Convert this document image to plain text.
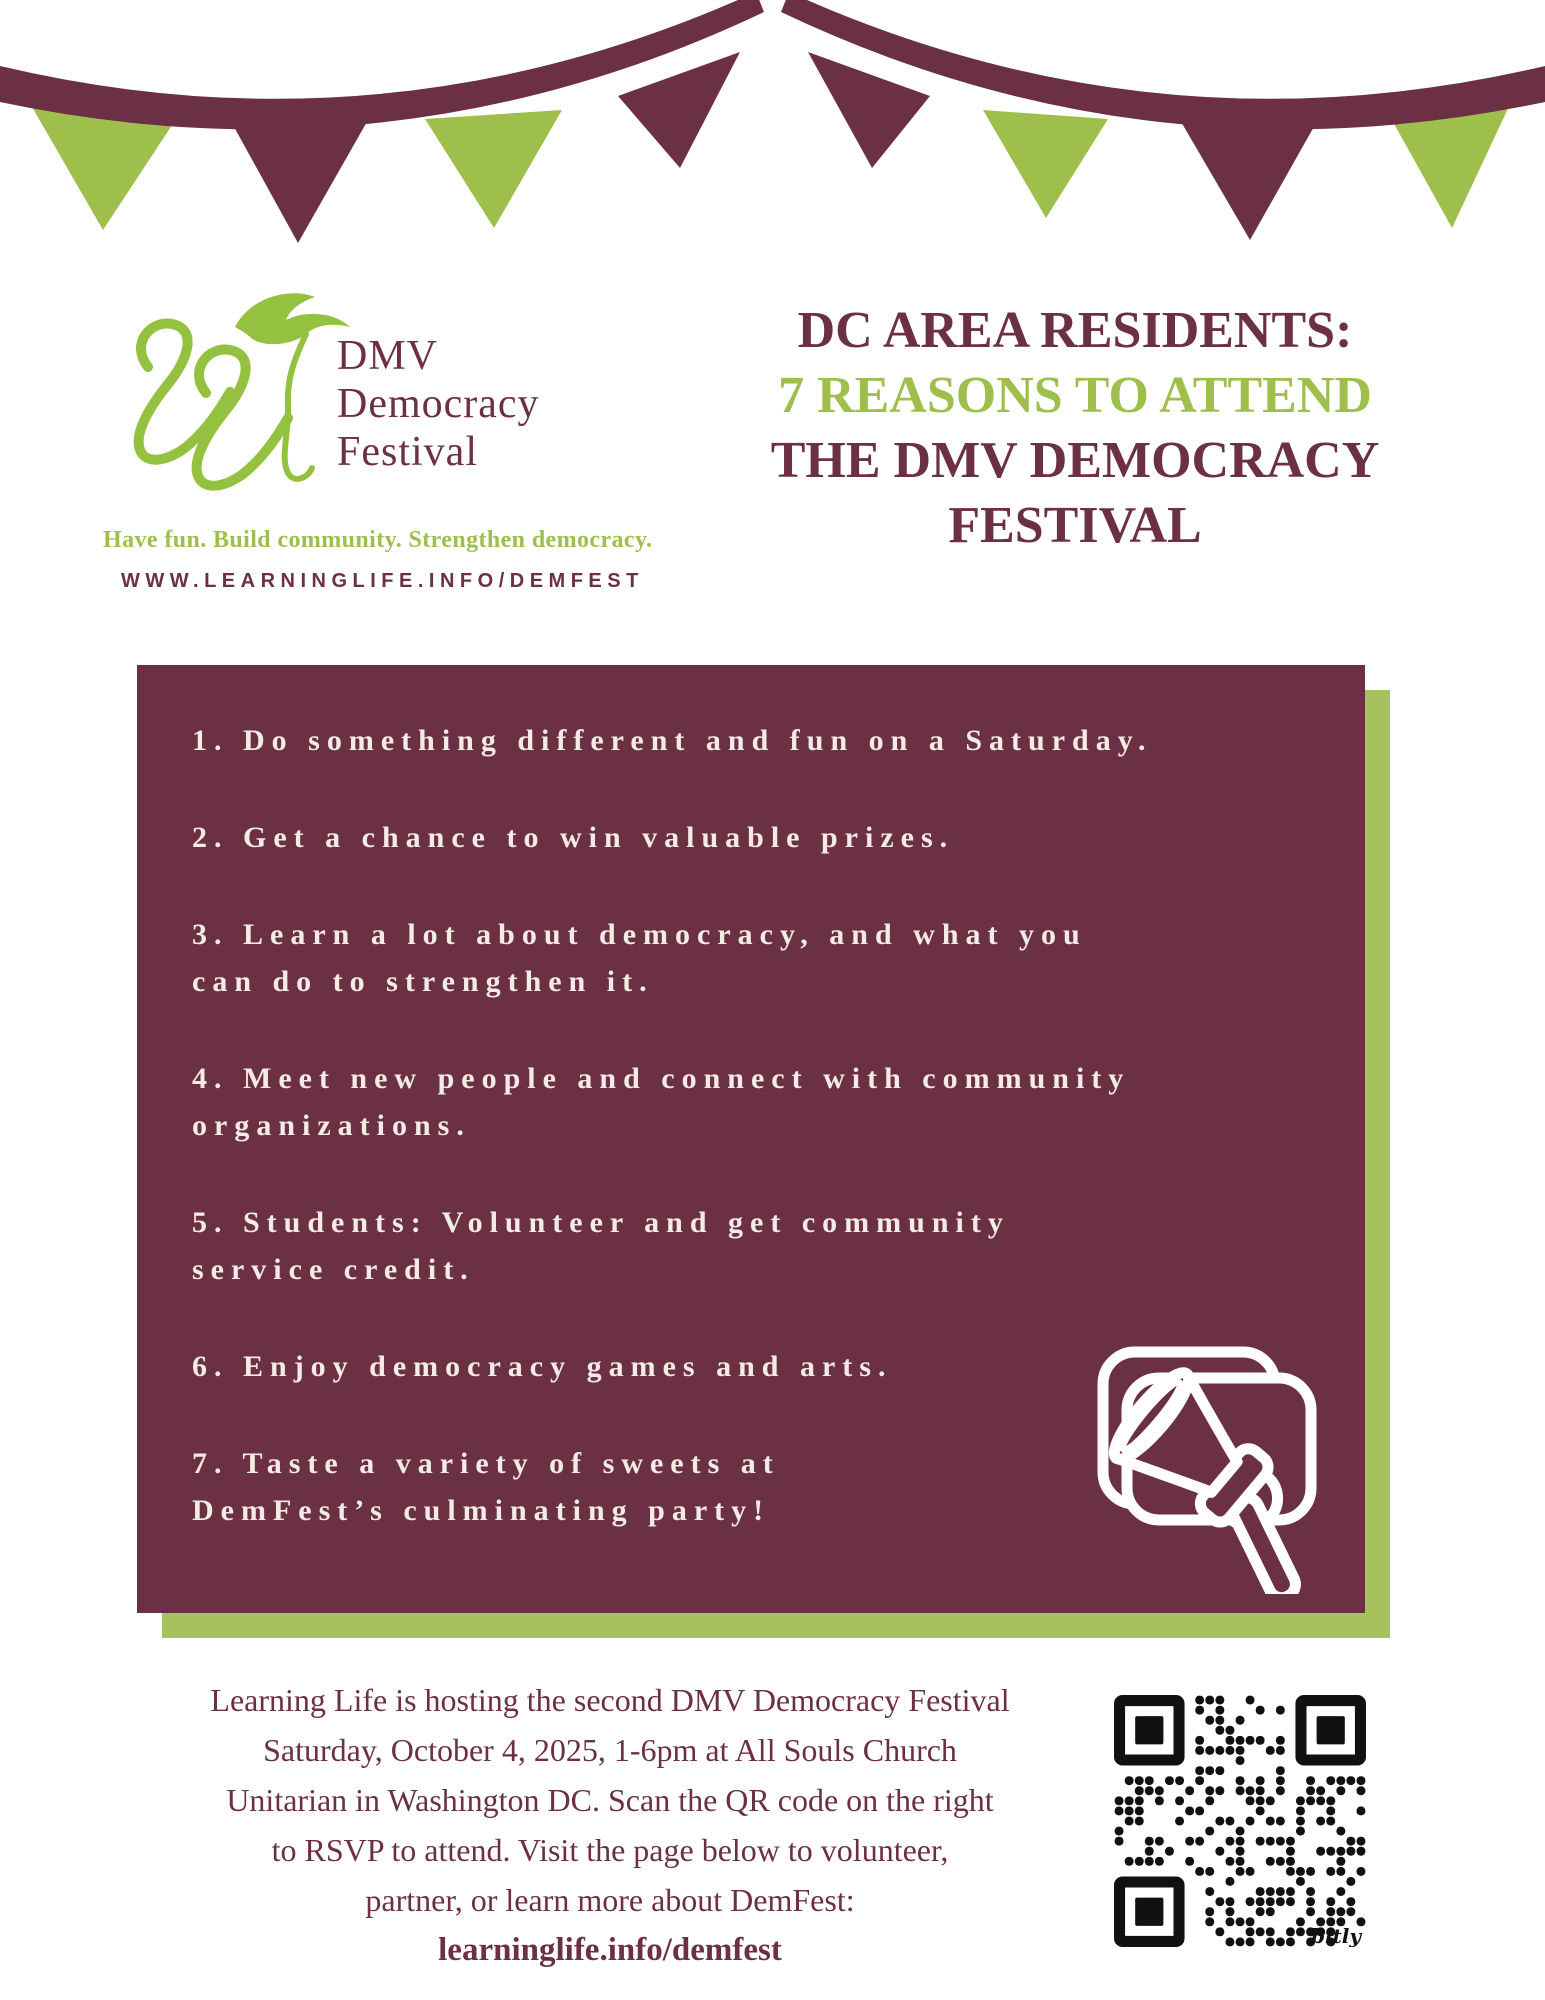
DMV
Democracy
Festival
Have fun. Build community. Strengthen democracy.
WWW.LEARNINGLIFE.INFO/DEMFEST
DC AREA RESIDENTS:
7 REASONS TO ATTEND
THE DMV DEMOCRACY
FESTIVAL
1. Do something different and fun on a Saturday.
2. Get a chance to win valuable prizes.
3. Learn a lot about democracy, and what you
can do to strengthen it.
4. Meet new people and connect with community
organizations.
5. Students: Volunteer and get community
service credit.
6. Enjoy democracy games and arts.
7. Taste a variety of sweets at
DemFest’s culminating party!
Learning Life is hosting the second DMV Democracy Festival
Saturday, October 4, 2025, 1-6pm at All Souls Church
Unitarian in Washington DC. Scan the QR code on the right
to RSVP to attend. Visit the page below to volunteer,
partner, or learn more about DemFest:
learninglife.info/demfest	bitly
